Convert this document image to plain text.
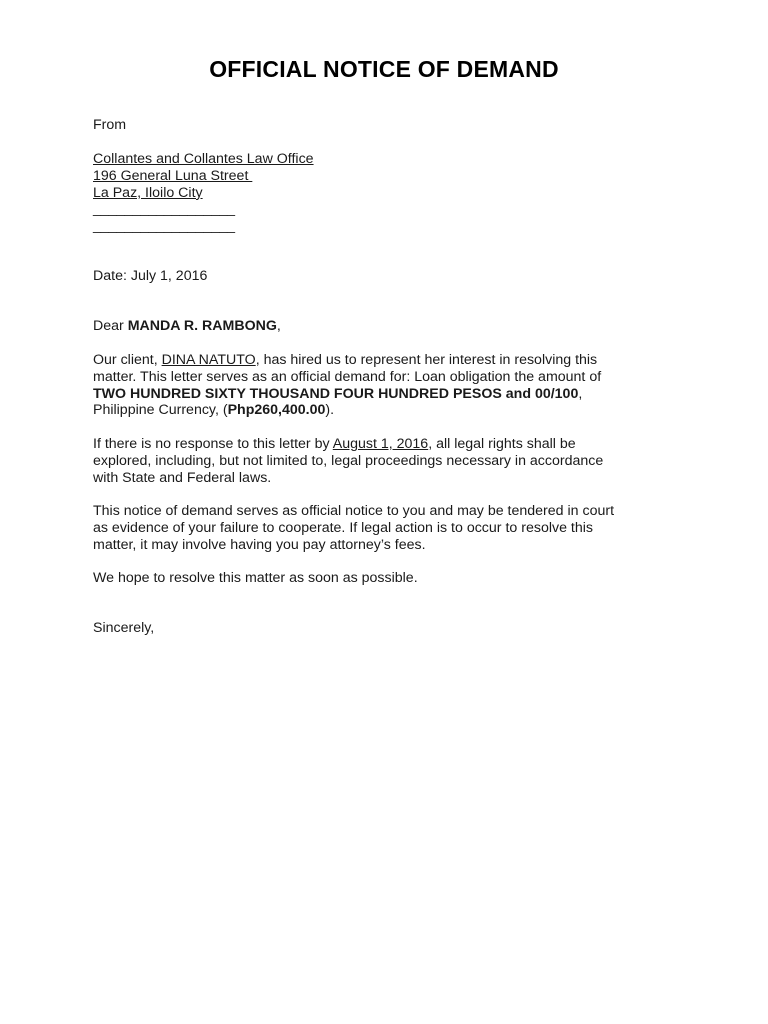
OFFICIAL NOTICE OF DEMAND
From
Collantes and Collantes Law Office
196 General Luna Street
La Paz, Iloilo City
__________________
__________________
Date: July 1, 2016
Dear MANDA R. RAMBONG,
Our client, DINA NATUTO, has hired us to represent her interest in resolving this
matter. This letter serves as an official demand for: Loan obligation the amount of
TWO HUNDRED SIXTY THOUSAND FOUR HUNDRED PESOS and 00/100,
Philippine Currency, (Php260,400.00).
If there is no response to this letter by August 1, 2016, all legal rights shall be
explored, including, but not limited to, legal proceedings necessary in accordance
with State and Federal laws.
This notice of demand serves as official notice to you and may be tendered in court
as evidence of your failure to cooperate. If legal action is to occur to resolve this
matter, it may involve having you pay attorney’s fees.
We hope to resolve this matter as soon as possible.
Sincerely,
